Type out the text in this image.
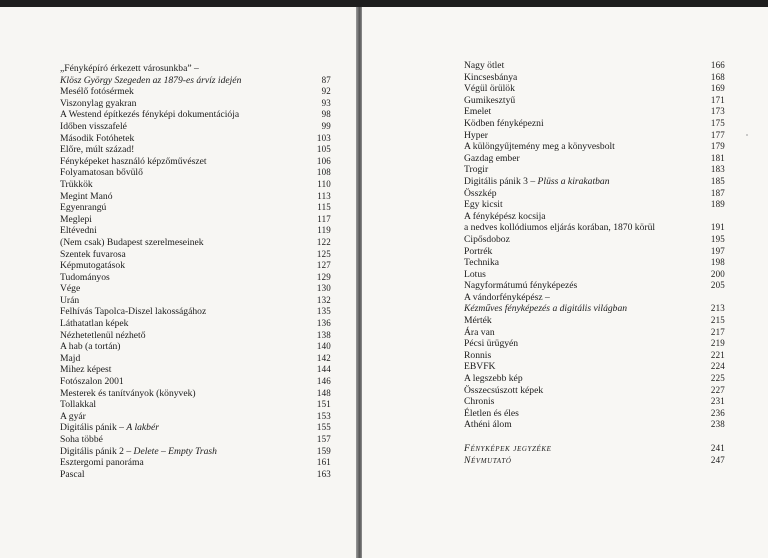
„Fényképíró érkezett városunkba” –
Klösz György Szegeden az 1879-es árvíz idején	87
Mesélő fotósérmek	92
Viszonylag gyakran	93
A Westend építkezés fényképi dokumentációja	98
Időben visszafelé	99
Második Fotóhetek	103
Előre, múlt század!	105
Fényképeket használó képzőművészet	106
Folyamatosan bővülő	108
Trükkök	110
Megint Manó	113
Egyenrangú	115
Meglepi	117
Eltévedni	119
(Nem csak) Budapest szerelmeseinek	122
Szentek fuvarosa	125
Képmutogatások	127
Tudományos	129
Vége	130
Urán	132
Felhívás Tapolca-Diszel lakosságához	135
Láthatatlan képek	136
Nézhetetlenül nézhető	138
A hab (a tortán)	140
Majd	142
Mihez képest	144
Fotószalon 2001	146
Mesterek és tanítványok (könyvek)	148
Tollakkal	151
A gyár	153
Digitális pánik – A lakbér	155
Soha többé	157
Digitális pánik 2 – Delete – Empty Trash	159
Esztergomi panoráma	161
Pascal	163
Nagy ötlet	166
Kincsesbánya	168
Végül örülök	169
Gumikesztyű	171
Emelet	173
Ködben fényképezni	175
Hyper	177
A különgyűjtemény meg a könyvesbolt	179
Gazdag ember	181
Trogir	183
Digitális pánik 3 – Plüss a kirakatban	185
Összkép	187
Egy kicsit	189
A fényképész kocsija
a nedves kollódiumos eljárás korában, 1870 körül	191
Cipősdoboz	195
Portrék	197
Technika	198
Lotus	200
Nagyformátumú fényképezés	205
A vándorfényképész –
Kézműves fényképezés a digitális világban	213
Mérték	215
Ára van	217
Pécsi ürügyén	219
Ronnis	221
EBVFK	224
A legszebb kép	225
Összecsúszott képek	227
Chronis	231
Életlen és éles	236
Athéni álom	238
Fényképek jegyzéke	241
Névmutató	247
